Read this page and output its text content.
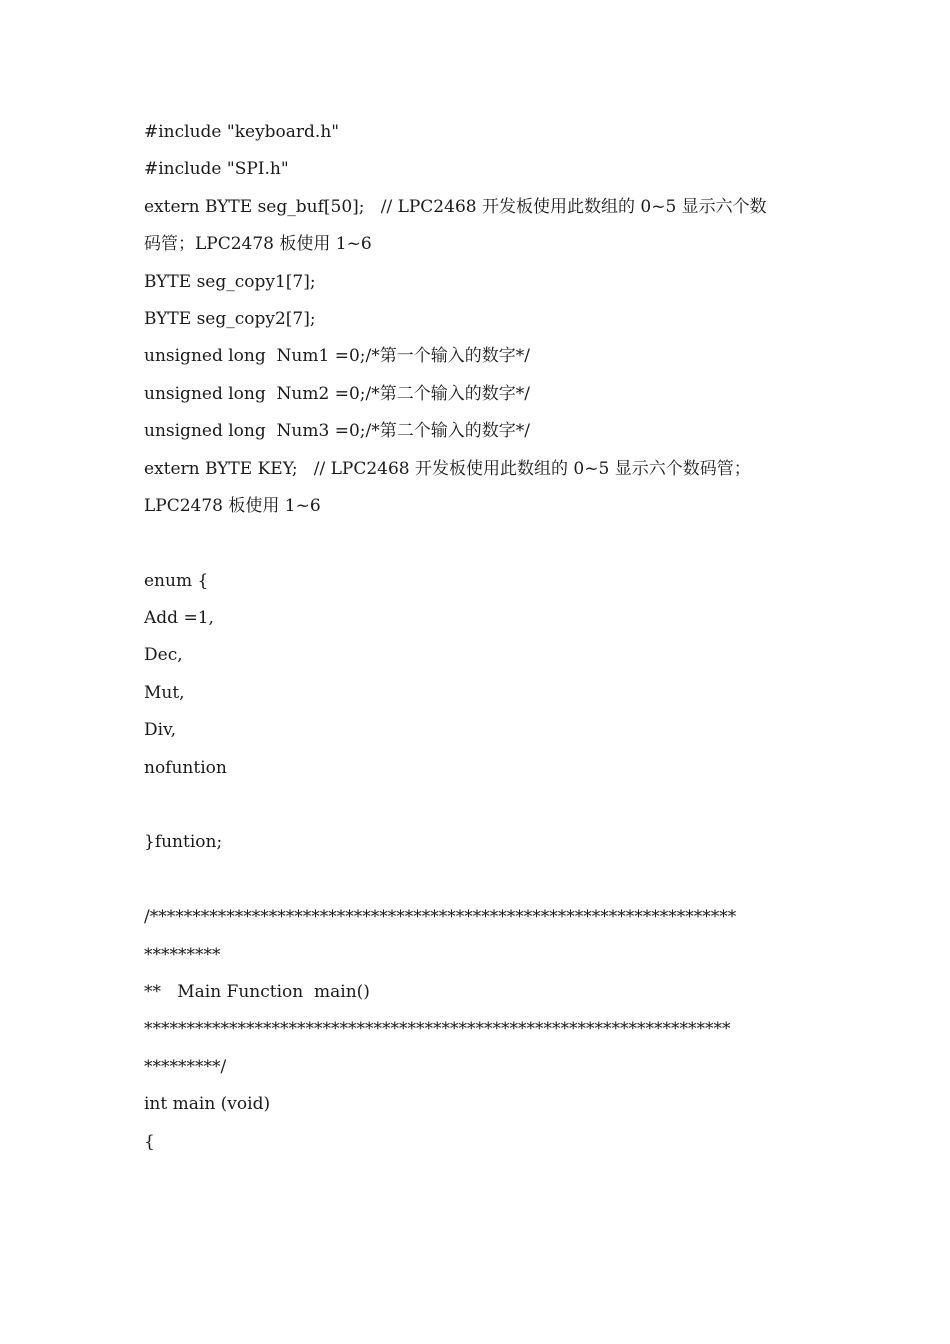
#include "keyboard.h"
#include "SPI.h"
extern BYTE seg_buf[50];   // LPC2468 开发板使用此数组的 0~5 显示六个数
码管；LPC2478 板使用 1~6
BYTE seg_copy1[7];
BYTE seg_copy2[7];
unsigned long  Num1 =0;/*第一个输入的数字*/
unsigned long  Num2 =0;/*第二个输入的数字*/
unsigned long  Num3 =0;/*第二个输入的数字*/
extern BYTE KEY;   // LPC2468 开发板使用此数组的 0~5 显示六个数码管；
LPC2478 板使用 1~6
enum {
Add =1,
Dec,
Mut,
Div,
nofuntion
}funtion;
/*********************************************************************
*********
**   Main Function  main()
*********************************************************************
*********/
int main (void)
{
